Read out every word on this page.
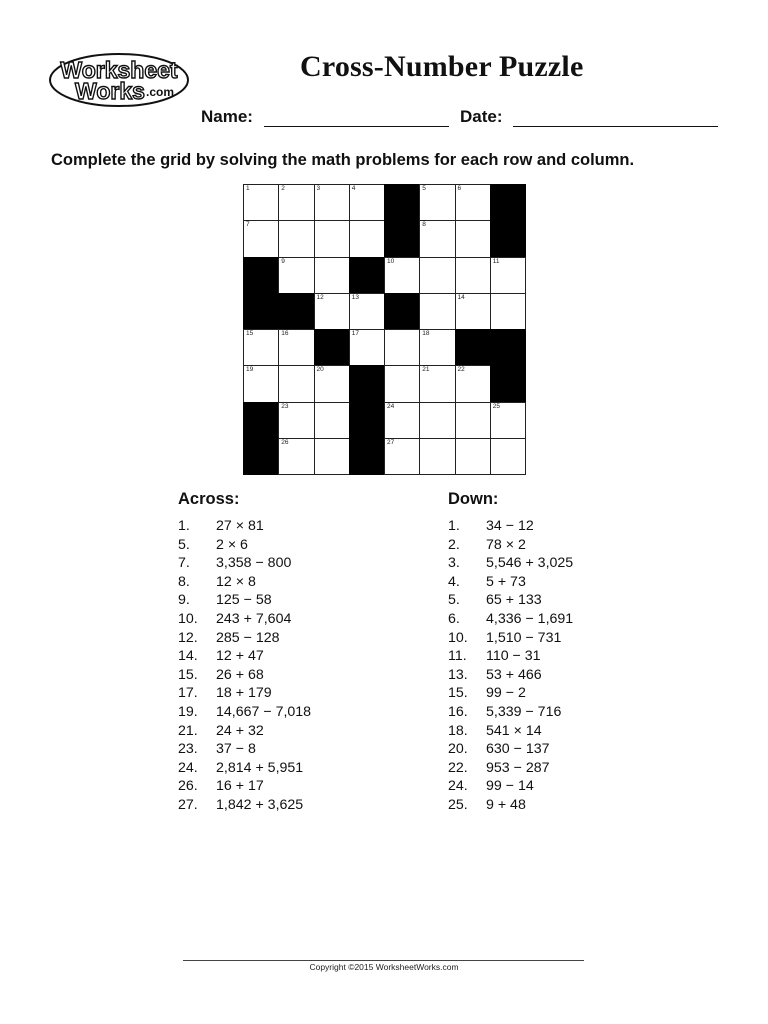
Worksheet
Works .com
Cross-Number Puzzle
Name:	Date:
Complete the grid by solving the math problems for each row and column.
1	2	3	4	5	6
7	8
9	10	11
12	13	14
15	16	17	18
19	20	21	22
23	24	25
26	27
Across:
1. 27 × 81
5. 2 × 6
7. 3,358 − 800
8. 12 × 8
9. 125 − 58
10. 243 + 7,604
12. 285 − 128
14. 12 + 47
15. 26 + 68
17. 18 + 179
19. 14,667 − 7,018
21. 24 + 32
23. 37 − 8
24. 2,814 + 5,951
26. 16 + 17
27. 1,842 + 3,625
Down:
1. 34 − 12
2. 78 × 2
3. 5,546 + 3,025
4. 5 + 73
5. 65 + 133
6. 4,336 − 1,691
10. 1,510 − 731
11. 110 − 31
13. 53 + 466
15. 99 − 2
16. 5,339 − 716
18. 541 × 14
20. 630 − 137
22. 953 − 287
24. 99 − 14
25. 9 + 48
Copyright ©2015 WorksheetWorks.com
